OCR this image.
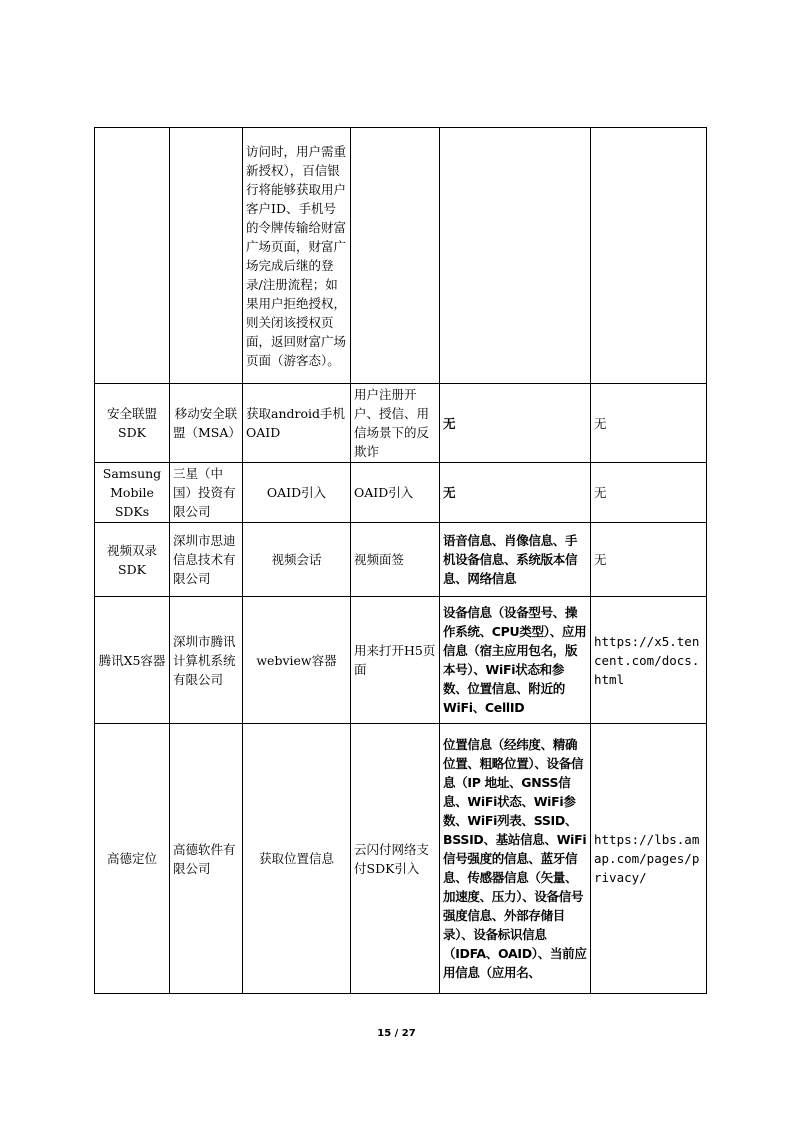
		访问时，用户需重新授权），百信银行将能够获取用户客户ID、手机号的令牌传输给财富广场页面，财富广场完成后继的登录/注册流程；如果用户拒绝授权，则关闭该授权页面，返回财富广场页面（游客态）。			
安全联盟SDK	移动安全联盟（MSA）	获取android手机OAID	用户注册开户、授信、用信场景下的反欺诈	无	无
Samsung Mobile SDKs	三星（中国）投资有限公司	OAID引入	OAID引入	无	无
视频双录SDK	深圳市思迪信息技术有限公司	视频会话	视频面签	语音信息、肖像信息、手机设备信息、系统版本信息、网络信息	无
腾讯X5容器	深圳市腾讯计算机系统有限公司	webview容器	用来打开H5页面	设备信息（设备型号、操作系统、CPU类型）、应用信息（宿主应用包名，版本号）、WiFi状态和参数、位置信息、附近的WiFi、CellID	https://x5.tencent.com/docs.html
高德定位	高德软件有限公司	获取位置信息	云闪付网络支付SDK引入	位置信息（经纬度、精确位置、粗略位置）、设备信息（IP 地址、GNSS信息、WiFi状态、WiFi参数、WiFi列表、SSID、BSSID、基站信息、WiFi信号强度的信息、蓝牙信息、传感器信息（矢量、加速度、压力）、设备信号强度信息、外部存储目录）、设备标识信息（IDFA、OAID）、当前应用信息（应用名、	https://lbs.amap.com/pages/privacy/
15 / 27
